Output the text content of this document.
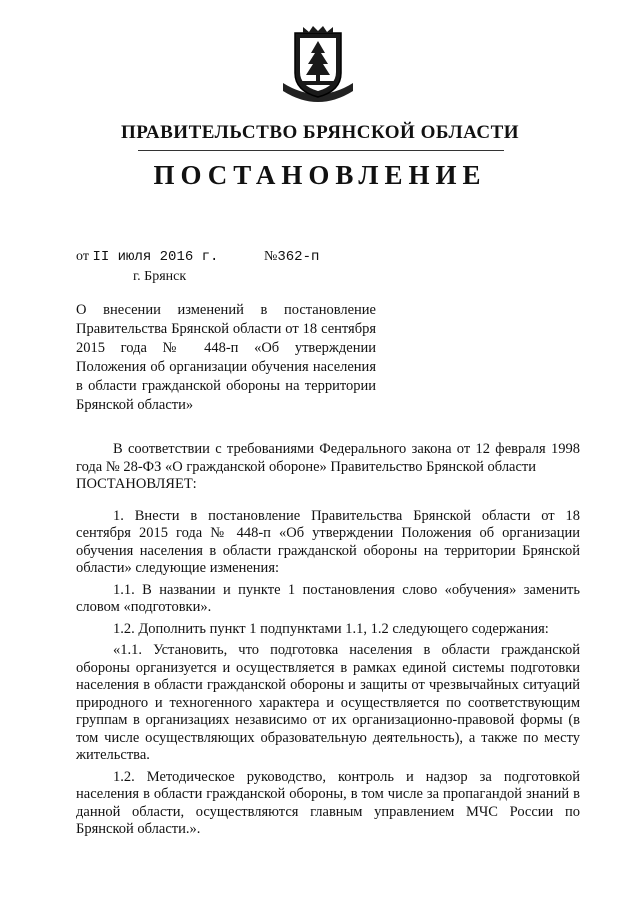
ПРАВИТЕЛЬСТВО БРЯНСКОЙ ОБЛАСТИ
ПОСТАНОВЛЕНИЕ
от II июля 2016 г.	№362-п
г. Брянск
О внесении изменений в постановление Правительства Брянской области от 18 сентября 2015 года № 448-п «Об утверждении Положения об организации обучения населения в области гражданской обороны на территории Брянской области»

В соответствии с требованиями Федерального закона от 12 февраля 1998 года № 28-ФЗ «О гражданской обороне» Правительство Брянской области

ПОСТАНОВЛЯЕТ:

1. Внести в постановление Правительства Брянской области от 18 сентября 2015 года № 448-п «Об утверждении Положения об организации обучения населения в области гражданской обороны на территории Брянской области» следующие изменения:

1.1. В названии и пункте 1 постановления слово «обучения» заменить словом «подготовки».

1.2. Дополнить пункт 1 подпунктами 1.1, 1.2 следующего содержания:

«1.1. Установить, что подготовка населения в области гражданской обороны организуется и осуществляется в рамках единой системы подготовки населения в области гражданской обороны и защиты от чрезвычайных ситуаций природного и техногенного характера и осуществляется по соответствующим группам в организациях независимо от их организационно-правовой формы (в том числе осуществляющих образовательную деятельность), а также по месту жительства.

1.2. Методическое руководство, контроль и надзор за подготовкой населения в области гражданской обороны, в том числе за пропагандой знаний в данной области, осуществляются главным управлением МЧС России по Брянской области.».
